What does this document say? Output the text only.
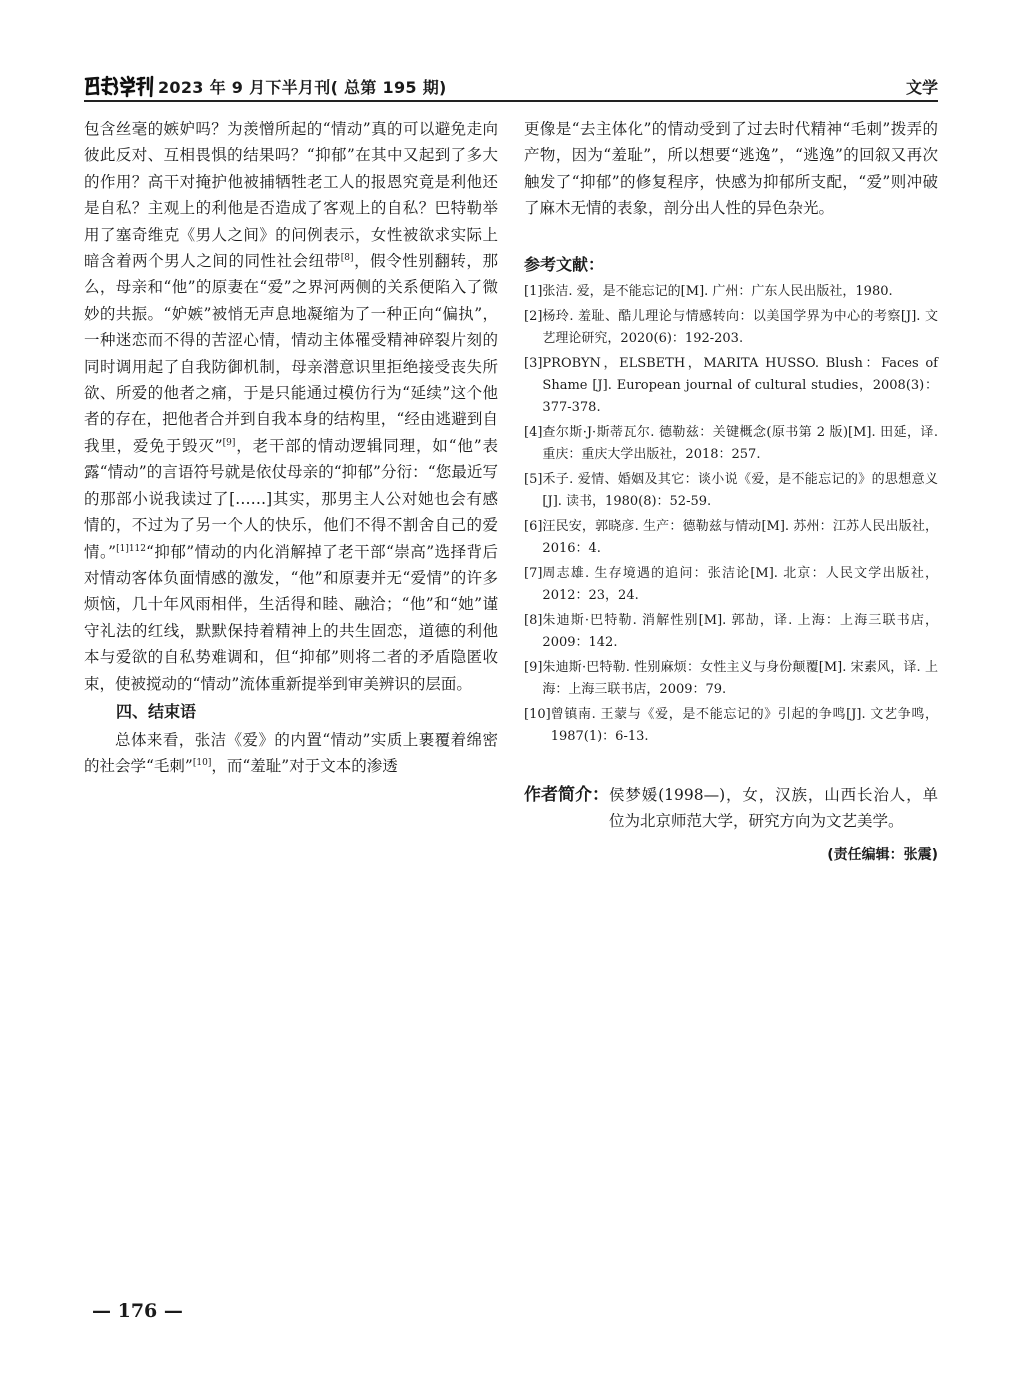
2023 年 9 月下半月刊( 总第 195 期)	文学

包含丝毫的嫉妒吗？为羡憎所起的“情动”真的可以避免走向彼此反对、互相畏惧的结果吗？“抑郁”在其中又起到了多大的作用？高干对掩护他被捕牺牲老工人的报恩究竟是利他还是自私？主观上的利他是否造成了客观上的自私？巴特勒举用了塞奇维克《男人之间》的问例表示，女性被欲求实际上暗含着两个男人之间的同性社会纽带[8]，假令性别翻转，那么，母亲和“他”的原妻在“爱”之界河两侧的关系便陷入了微妙的共振。“妒嫉”被悄无声息地凝缩为了一种正向“偏执”，一种迷恋而不得的苦涩心情，情动主体罹受精神碎裂片刻的同时调用起了自我防御机制，母亲潜意识里拒绝接受丧失所欲、所爱的他者之痛，于是只能通过模仿行为“延续”这个他者的存在，把他者合并到自我本身的结构里，“经由逃避到自我里，爱免于毁灭”[9]，老干部的情动逻辑同理，如“他”表露“情动”的言语符号就是依仗母亲的“抑郁”分衍：“您最近写的那部小说我读过了[……]其实，那男主人公对她也会有感情的，不过为了另一个人的快乐，他们不得不割舍自己的爱情。”$^{[1]112}$“抑郁”情动的内化消解掉了老干部“崇高”选择背后对情动客体负面情感的激发，“他”和原妻并无“爱情”的许多烦恼，几十年风雨相伴，生活得和睦、融洽；“他”和“她”谨守礼法的红线，默默保持着精神上的共生固恋，道德的利他本与爱欲的自私势难调和，但“抑郁”则将二者的矛盾隐匿收束，使被搅动的“情动”流体重新提举到审美辨识的层面。

四、结束语

总体来看，张洁《爱》的内置“情动”实质上裹覆着绵密的社会学“毛刺”[10]，而“羞耻”对于文本的渗透

更像是“去主体化”的情动受到了过去时代精神“毛刺”拨弄的产物，因为“羞耻”，所以想要“逃逸”，“逃逸”的回叙又再次触发了“抑郁”的修复程序，快感为抑郁所支配，“爱”则冲破了麻木无情的表象，剖分出人性的异色杂光。

参考文献：
[1] 张洁. 爱，是不能忘记的[M]. 广州：广东人民出版社，1980.
[2] 杨玲. 羞耻、酷儿理论与情感转向：以美国学界为中心的考察[J]. 文艺理论研究，2020(6)：192-203.
[3] PROBYN，ELSBETH，MARITA HUSSO. Blush：Faces of Shame [J]. European journal of cultural studies，2008(3)：377-378.
[4] 查尔斯·J·斯蒂瓦尔. 德勒兹：关键概念(原书第 2 版)[M]. 田延，译. 重庆：重庆大学出版社，2018：257.
[5] 禾子. 爱情、婚姻及其它：谈小说《爱，是不能忘记的》的思想意义[J]. 读书，1980(8)：52-59.
[6] 汪民安，郭晓彦. 生产：德勒兹与情动[M]. 苏州：江苏人民出版社，2016：4.
[7] 周志雄. 生存境遇的追问：张洁论[M]. 北京：人民文学出版社，2012：23，24.
[8] 朱迪斯·巴特勒. 消解性别[M]. 郭劼，译. 上海：上海三联书店，2009：142.
[9] 朱迪斯·巴特勒. 性别麻烦：女性主义与身份颠覆[M]. 宋素风，译. 上海：上海三联书店，2009：79.
[10] 曾镇南. 王蒙与《爱，是不能忘记的》引起的争鸣[J]. 文艺争鸣，1987(1)：6-13.
作者简介： 侯梦媛(1998—)，女，汉族，山西长治人，单位为北京师范大学，研究方向为文艺美学。
(责任编辑：张震)
— 176 —
